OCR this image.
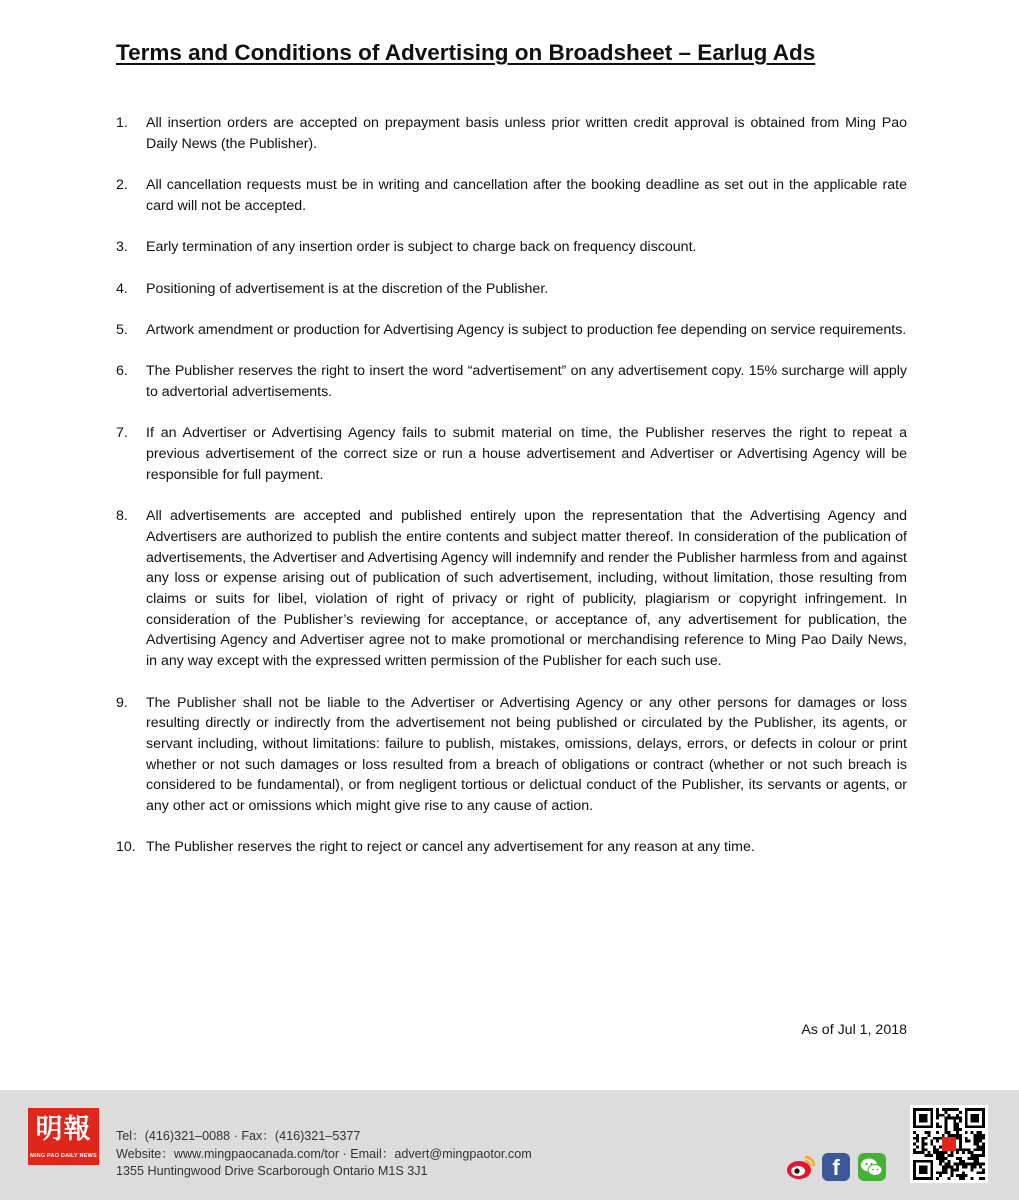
Terms and Conditions of Advertising on Broadsheet – Earlug Ads
1.	All insertion orders are accepted on prepayment basis unless prior written credit approval is obtained from Ming Pao Daily News (the Publisher).
2.	All cancellation requests must be in writing and cancellation after the booking deadline as set out in the applicable rate card will not be accepted.
3.	Early termination of any insertion order is subject to charge back on frequency discount.
4.	Positioning of advertisement is at the discretion of the Publisher.
5.	Artwork amendment or production for Advertising Agency is subject to production fee depending on service requirements.
6.	The Publisher reserves the right to insert the word “advertisement” on any advertisement copy. 15% surcharge will apply to advertorial advertisements.
7.	If an Advertiser or Advertising Agency fails to submit material on time, the Publisher reserves the right to repeat a previous advertisement of the correct size or run a house advertisement and Advertiser or Advertising Agency will be responsible for full payment.
8.	All advertisements are accepted and published entirely upon the representation that the Advertising Agency and Advertisers are authorized to publish the entire contents and subject matter thereof. In consideration of the publication of advertisements, the Advertiser and Advertising Agency will indemnify and render the Publisher harmless from and against any loss or expense arising out of publication of such advertisement, including, without limitation, those resulting from claims or suits for libel, violation of right of privacy or right of publicity, plagiarism or copyright infringement. In consideration of the Publisher’s reviewing for acceptance, or acceptance of, any advertisement for publication, the Advertising Agency and Advertiser agree not to make promotional or merchandising reference to Ming Pao Daily News, in any way except with the expressed written permission of the Publisher for each such use.
9.	The Publisher shall not be liable to the Advertiser or Advertising Agency or any other persons for damages or loss resulting directly or indirectly from the advertisement not being published or circulated by the Publisher, its agents, or servant including, without limitations: failure to publish, mistakes, omissions, delays, errors, or defects in colour or print whether or not such damages or loss resulted from a breach of obligations or contract (whether or not such breach is considered to be fundamental), or from negligent tortious or delictual conduct of the Publisher, its servants or agents, or any other act or omissions which might give rise to any cause of action.
10. The Publisher reserves the right to reject or cancel any advertisement for any reason at any time.
As of Jul 1, 2018
明報
MING PAO DAILY NEWS
Tel：(416)321–0088 · Fax：(416)321–5377
Website：www.mingpaocanada.com/tor · Email：advert@mingpaotor.com
1355 Huntingwood Drive Scarborough Ontario M1S 3J1	f
